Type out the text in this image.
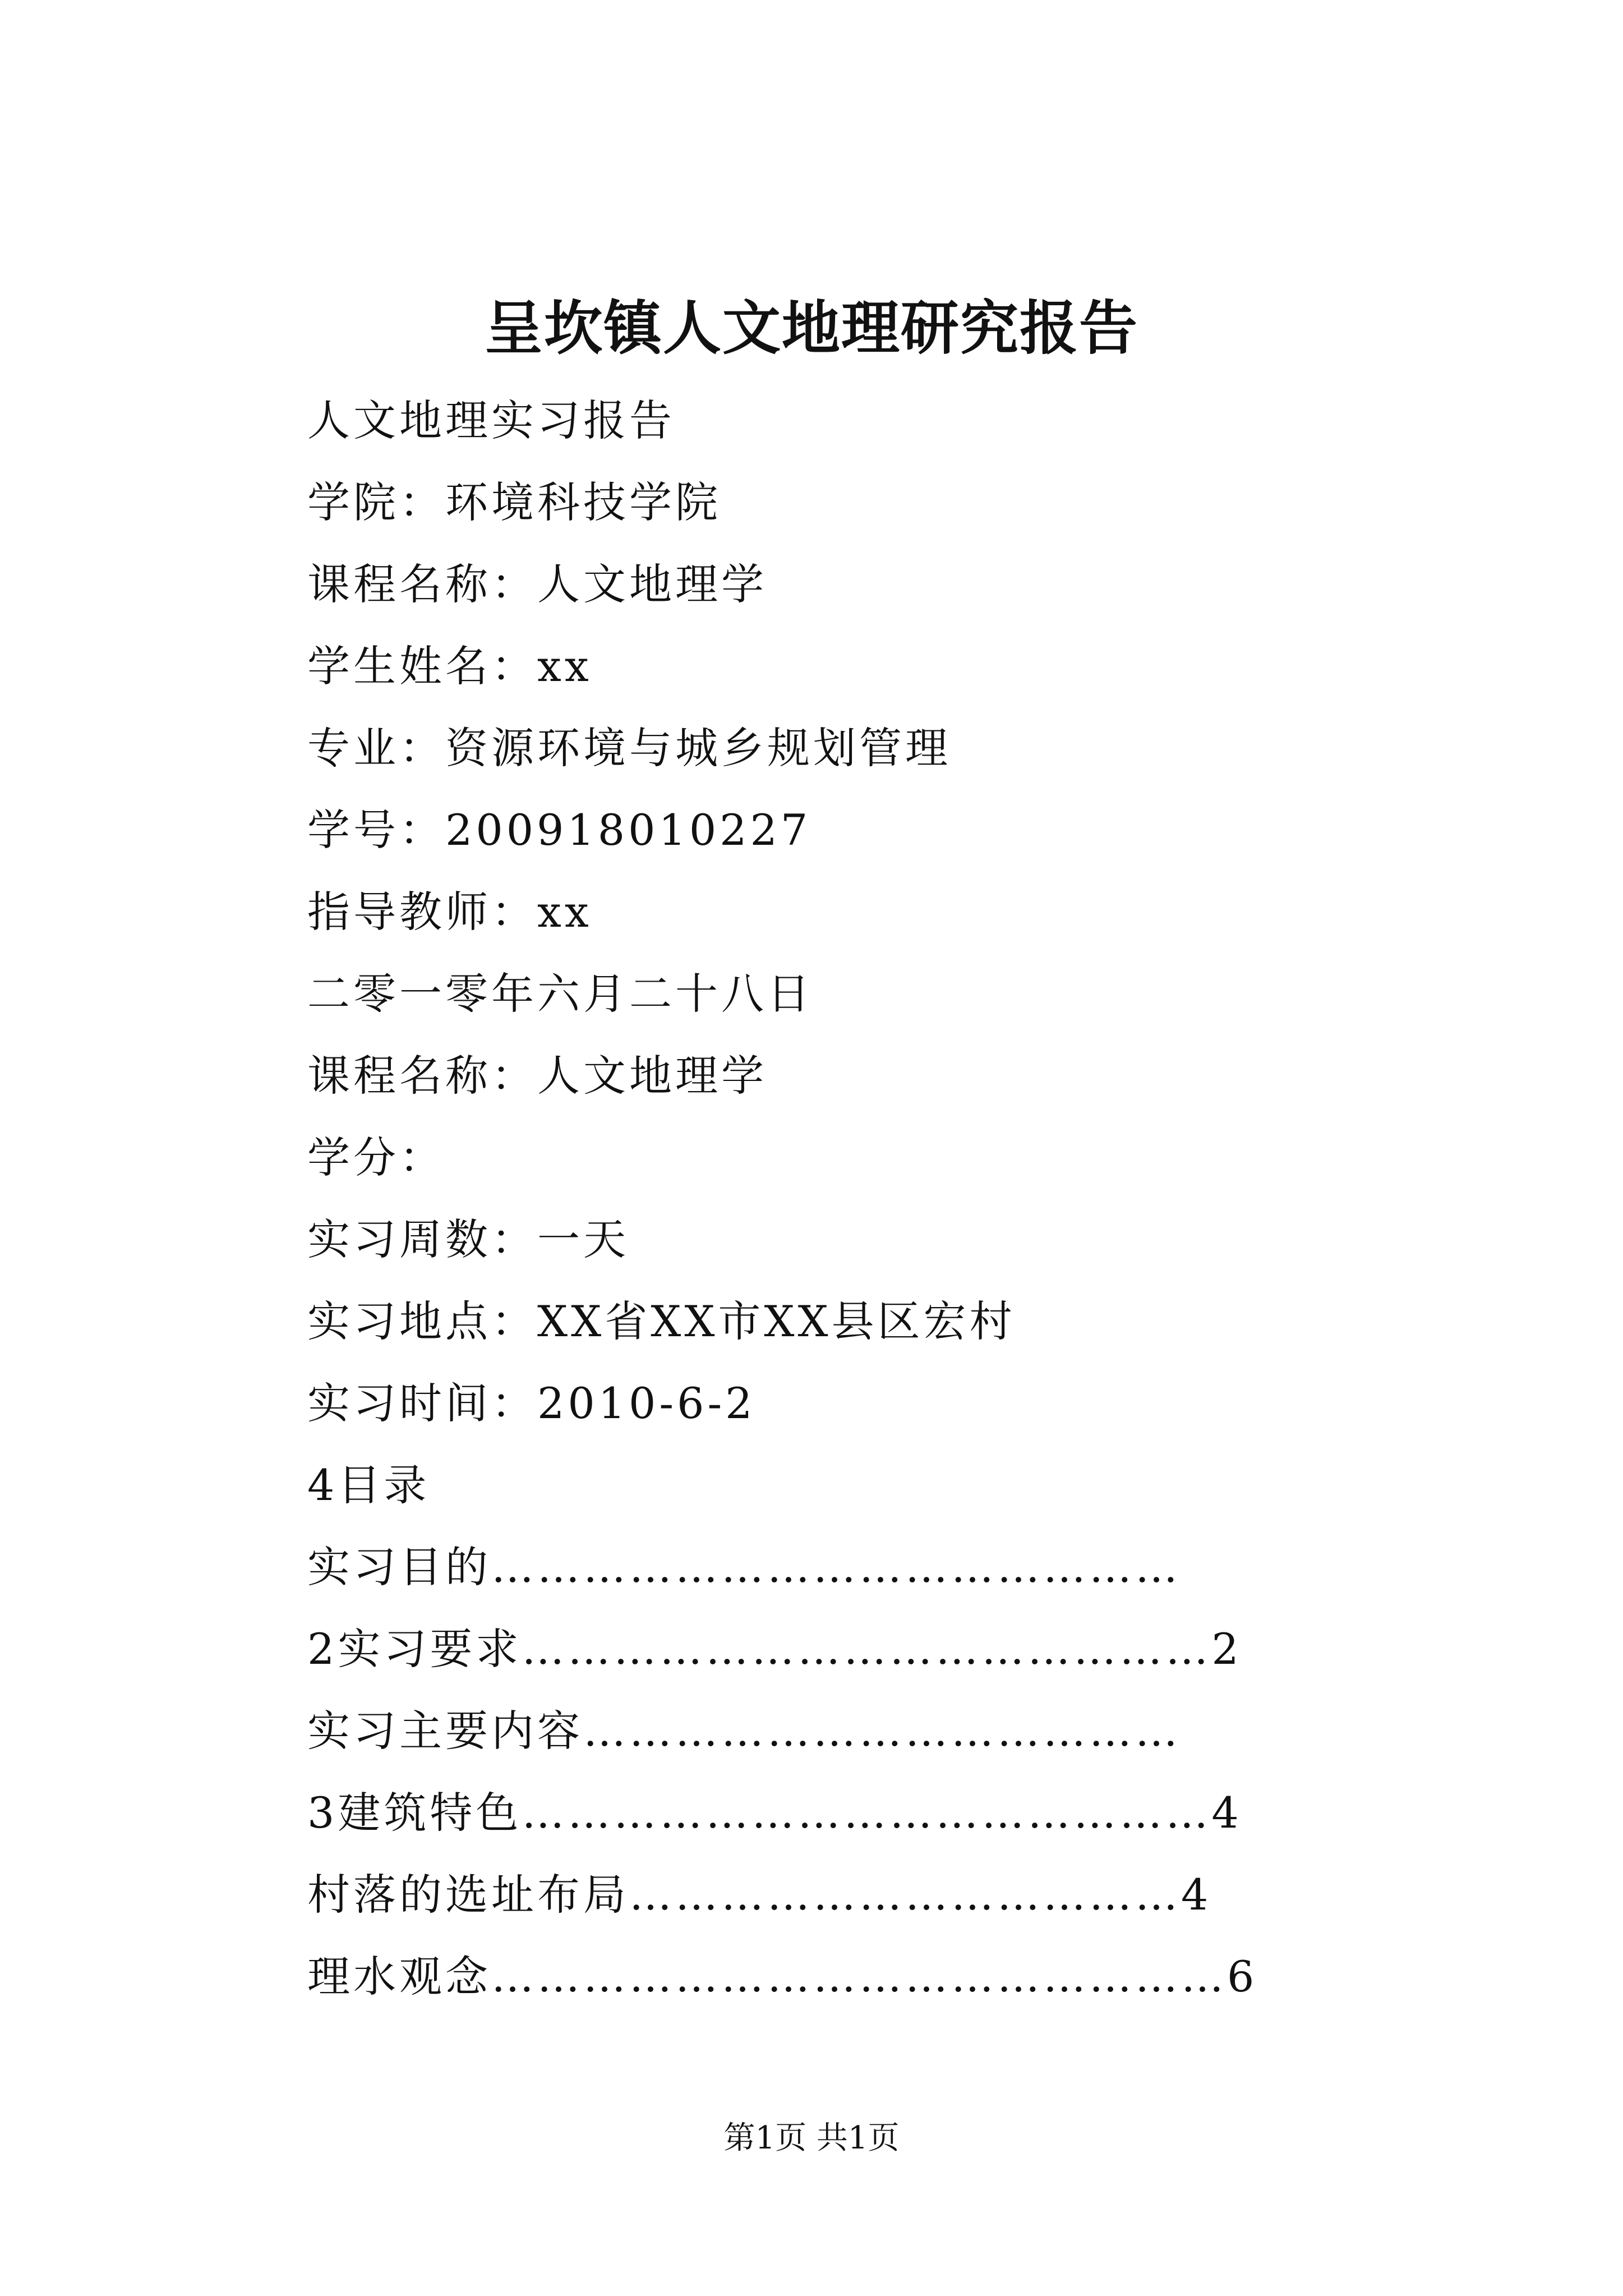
呈坎镇人文地理研究报告

人文地理实习报告

学院：环境科技学院

课程名称：人文地理学

学生姓名：xx

专业：资源环境与城乡规划管理

学号：200918010227

指导教师：xx

二零一零年六月二十八日

课程名称：人文地理学

学分：

实习周数：一天

实习地点：XX省XX市XX县区宏村

实习时间：2010-6-2

4目录

实习目的………………………………………

2实习要求………………………………………2

实习主要内容…………………………………

3建筑特色………………………………………4

村落的选址布局………………………………4

理水观念…………………………………………6

第1页 共1页
